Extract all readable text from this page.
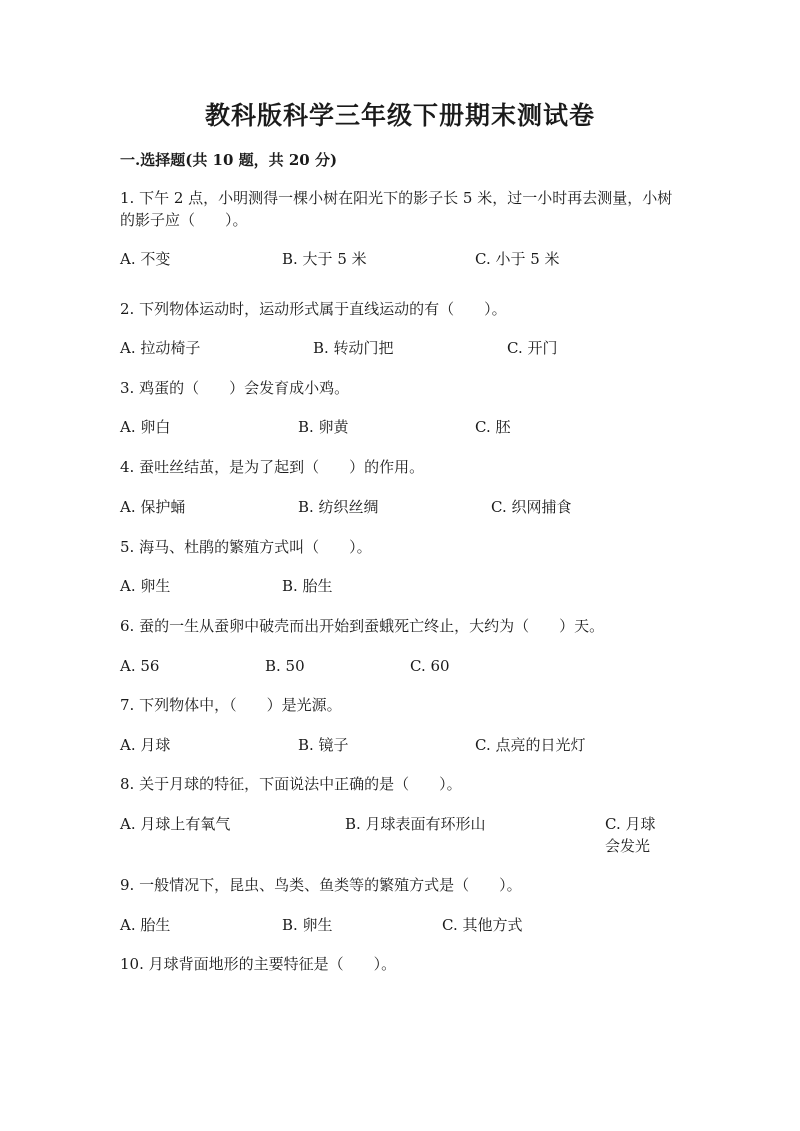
教科版科学三年级下册期末测试卷
一.选择题(共 10 题，共 20 分)
1. 下午 2 点，小明测得一棵小树在阳光下的影子长 5 米，过一小时再去测量，小树的影子应（　　）。
A. 不变	B. 大于 5 米	C. 小于 5 米
2. 下列物体运动时，运动形式属于直线运动的有（　　）。
A. 拉动椅子	B. 转动门把	C. 开门
3. 鸡蛋的（　　）会发育成小鸡。
A. 卵白	B. 卵黄	C. 胚
4. 蚕吐丝结茧，是为了起到（　　）的作用。
A. 保护蛹	B. 纺织丝绸	C. 织网捕食
5. 海马、杜鹃的繁殖方式叫（　　）。
A. 卵生	B. 胎生
6. 蚕的一生从蚕卵中破壳而出开始到蚕蛾死亡终止，大约为（　　）天。
A. 56	B. 50	C. 60
7. 下列物体中，（　　）是光源。
A. 月球	B. 镜子	C. 点亮的日光灯
8. 关于月球的特征，下面说法中正确的是（　　）。
A. 月球上有氧气	B. 月球表面有环形山	C. 月球会发光
9. 一般情况下，昆虫、鸟类、鱼类等的繁殖方式是（　　）。
A. 胎生	B. 卵生	C. 其他方式
10. 月球背面地形的主要特征是（　　）。
